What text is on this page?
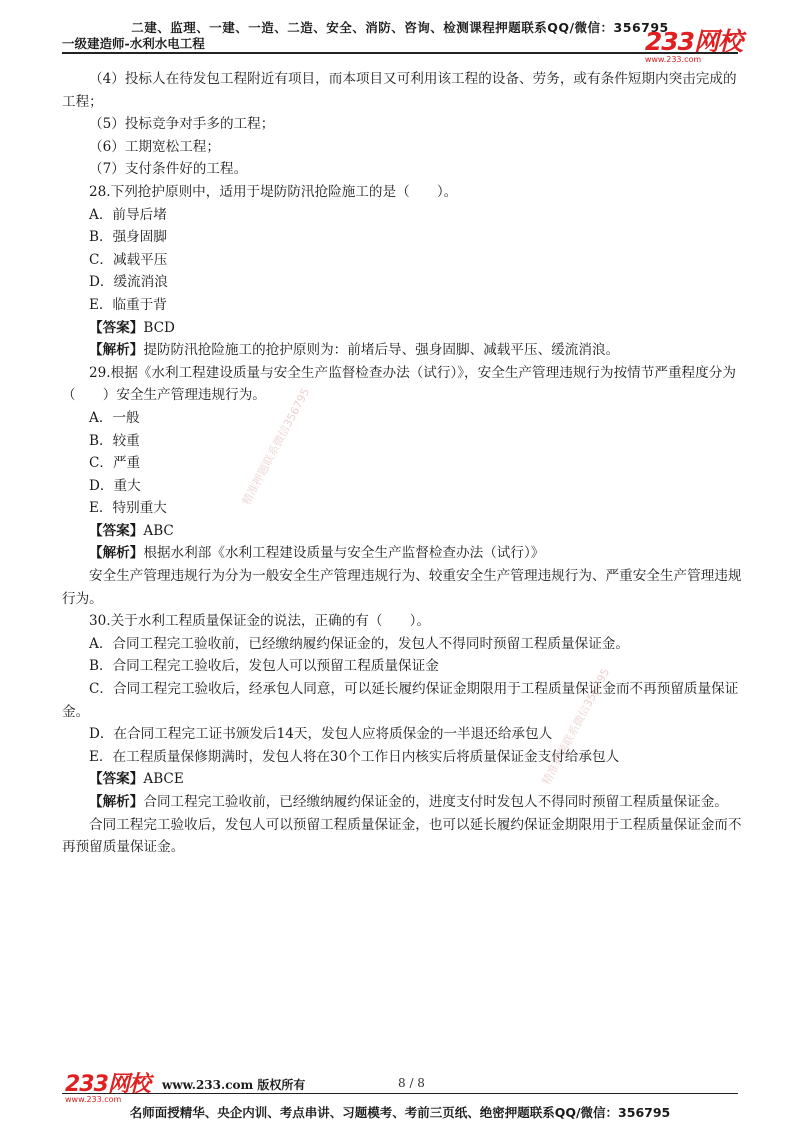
二建、监理、一建、一造、二造、安全、消防、咨询、检测课程押题联系QQ/微信：356795
一级建造师-水利水电工程	233网校
www.233.com

（4）投标人在待发包工程附近有项目，而本项目又可利用该工程的设备、劳务，或有条件短期内突击完成的工程；

（5）投标竞争对手多的工程；

（6）工期宽松工程；

（7）支付条件好的工程。

28.下列抢护原则中，适用于堤防防汛抢险施工的是（　　）。

A．前导后堵

B．强身固脚

C．减载平压

D．缓流消浪

E．临重于背

【答案】BCD

【解析】提防防汛抢险施工的抢护原则为：前堵后导、强身固脚、减载平压、缓流消浪。

29.根据《水利工程建设质量与安全生产监督检查办法（试行）》，安全生产管理违规行为按情节严重程度分为（　　）安全生产管理违规行为。

A．一般

B．较重

C．严重

D．重大

E．特别重大

【答案】ABC

【解析】根据水利部《水利工程建设质量与安全生产监督检查办法（试行）》

安全生产管理违规行为分为一般安全生产管理违规行为、较重安全生产管理违规行为、严重安全生产管理违规行为。

30.关于水利工程质量保证金的说法，正确的有（　　）。

A．合同工程完工验收前，已经缴纳履约保证金的，发包人不得同时预留工程质量保证金。

B．合同工程完工验收后，发包人可以预留工程质量保证金

C．合同工程完工验收后，经承包人同意，可以延长履约保证金期限用于工程质量保证金而不再预留质量保证金。

D．在合同工程完工证书颁发后14天，发包人应将质保金的一半退还给承包人

E．在工程质量保修期满时，发包人将在30个工作日内核实后将质量保证金支付给承包人

【答案】ABCE

【解析】合同工程完工验收前，已经缴纳履约保证金的，进度支付时发包人不得同时预留工程质量保证金。

合同工程完工验收后，发包人可以预留工程质量保证金，也可以延长履约保证金期限用于工程质量保证金而不再预留质量保证金。

精准押题联系微信356795
精准押题联系微信356795
233网校
www.233.com
www.233.com 版权所有	8 / 8
名师面授精华、央企内训、考点串讲、习题模考、考前三页纸、绝密押题联系QQ/微信：356795
